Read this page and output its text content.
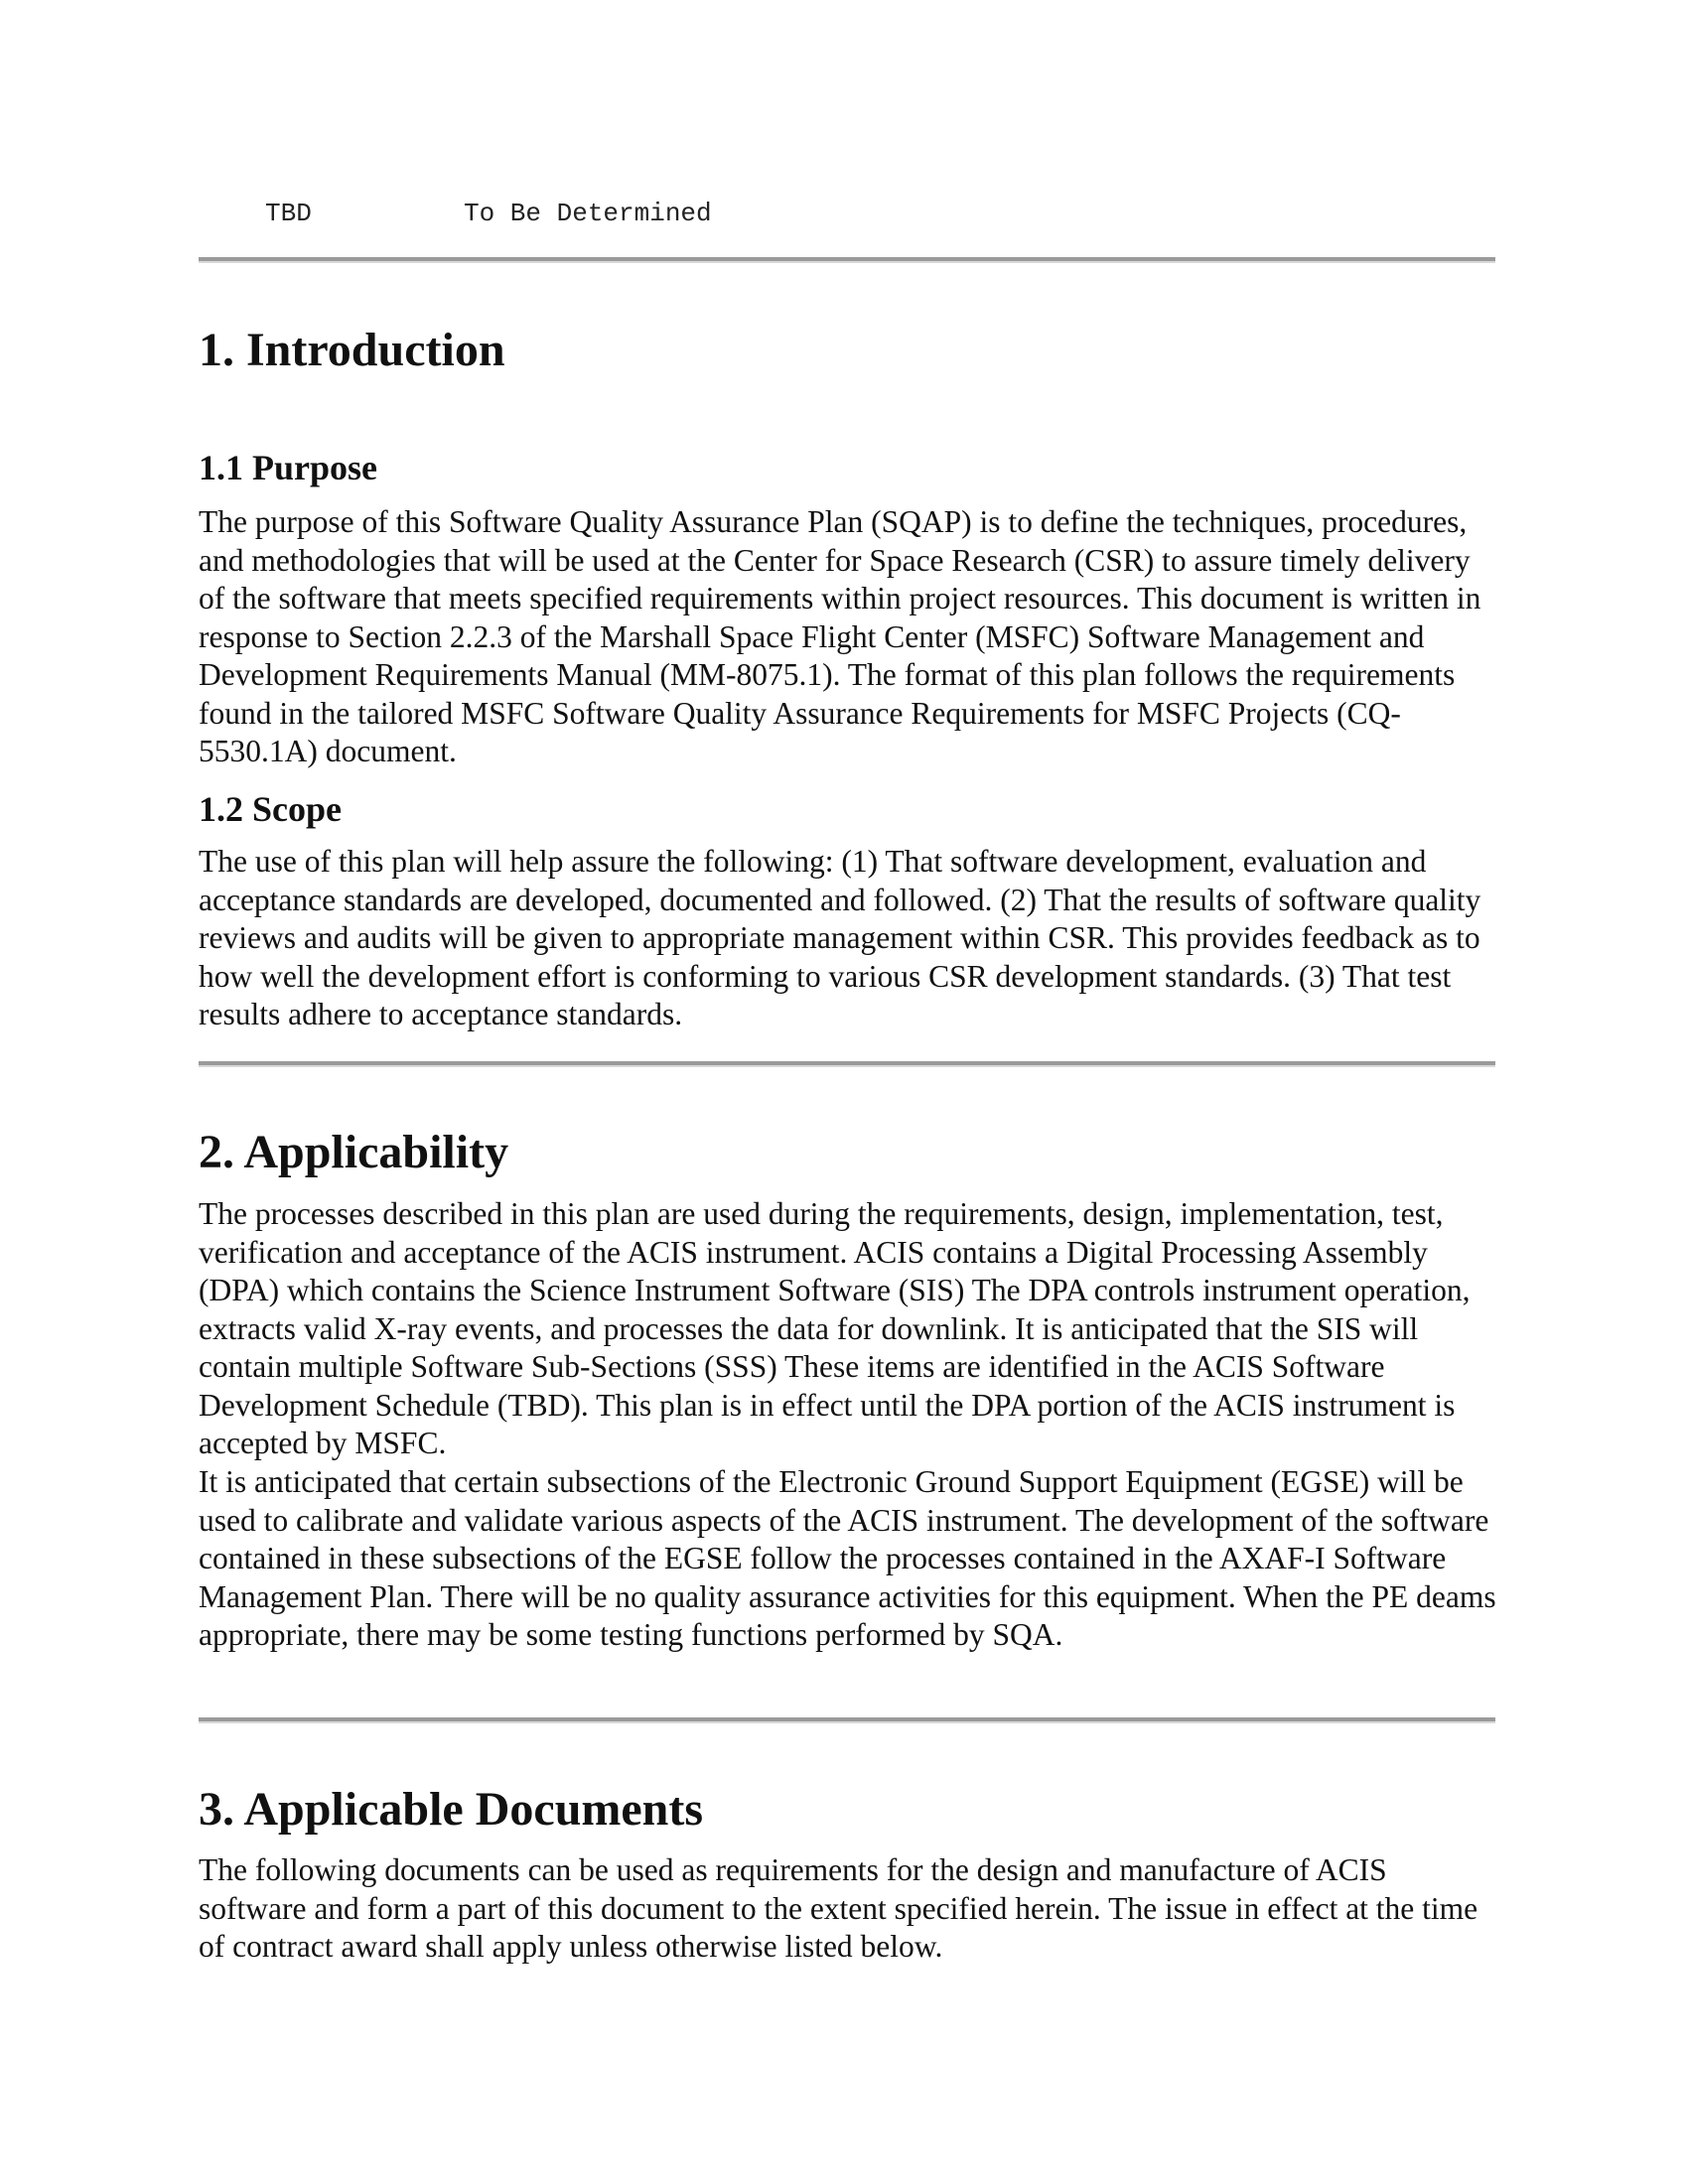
TBD	To Be Determined
1. Introduction
1.1 Purpose

The purpose of this Software Quality Assurance Plan (SQAP) is to define the techniques, procedures, and methodologies that will be used at the Center for Space Research (CSR) to assure timely delivery of the software that meets specified requirements within project resources. This document is written in response to Section 2.2.3 of the Marshall Space Flight Center (MSFC) Software Management and Development Requirements Manual (MM-8075.1). The format of this plan follows the requirements found in the tailored MSFC Software Quality Assurance Requirements for MSFC Projects (CQ-5530.1A) document.

1.2 Scope

The use of this plan will help assure the following: (1) That software development, evaluation and acceptance standards are developed, documented and followed. (2) That the results of software quality reviews and audits will be given to appropriate management within CSR. This provides feedback as to how well the development effort is conforming to various CSR development standards. (3) That test results adhere to acceptance standards.

2. Applicability

The processes described in this plan are used during the requirements, design, implementation, test, verification and acceptance of the ACIS instrument. ACIS contains a Digital Processing Assembly (DPA) which contains the Science Instrument Software (SIS) The DPA controls instrument operation, extracts valid X-ray events, and processes the data for downlink. It is anticipated that the SIS will contain multiple Software Sub-Sections (SSS) These items are identified in the ACIS Software Development Schedule (TBD). This plan is in effect until the DPA portion of the ACIS instrument is accepted by MSFC.

It is anticipated that certain subsections of the Electronic Ground Support Equipment (EGSE) will be used to calibrate and validate various aspects of the ACIS instrument. The development of the software contained in these subsections of the EGSE follow the processes contained in the AXAF-I Software Management Plan. There will be no quality assurance activities for this equipment. When the PE deams appropriate, there may be some testing functions performed by SQA.

3. Applicable Documents

The following documents can be used as requirements for the design and manufacture of ACIS software and form a part of this document to the extent specified herein. The issue in effect at the time of contract award shall apply unless otherwise listed below.
